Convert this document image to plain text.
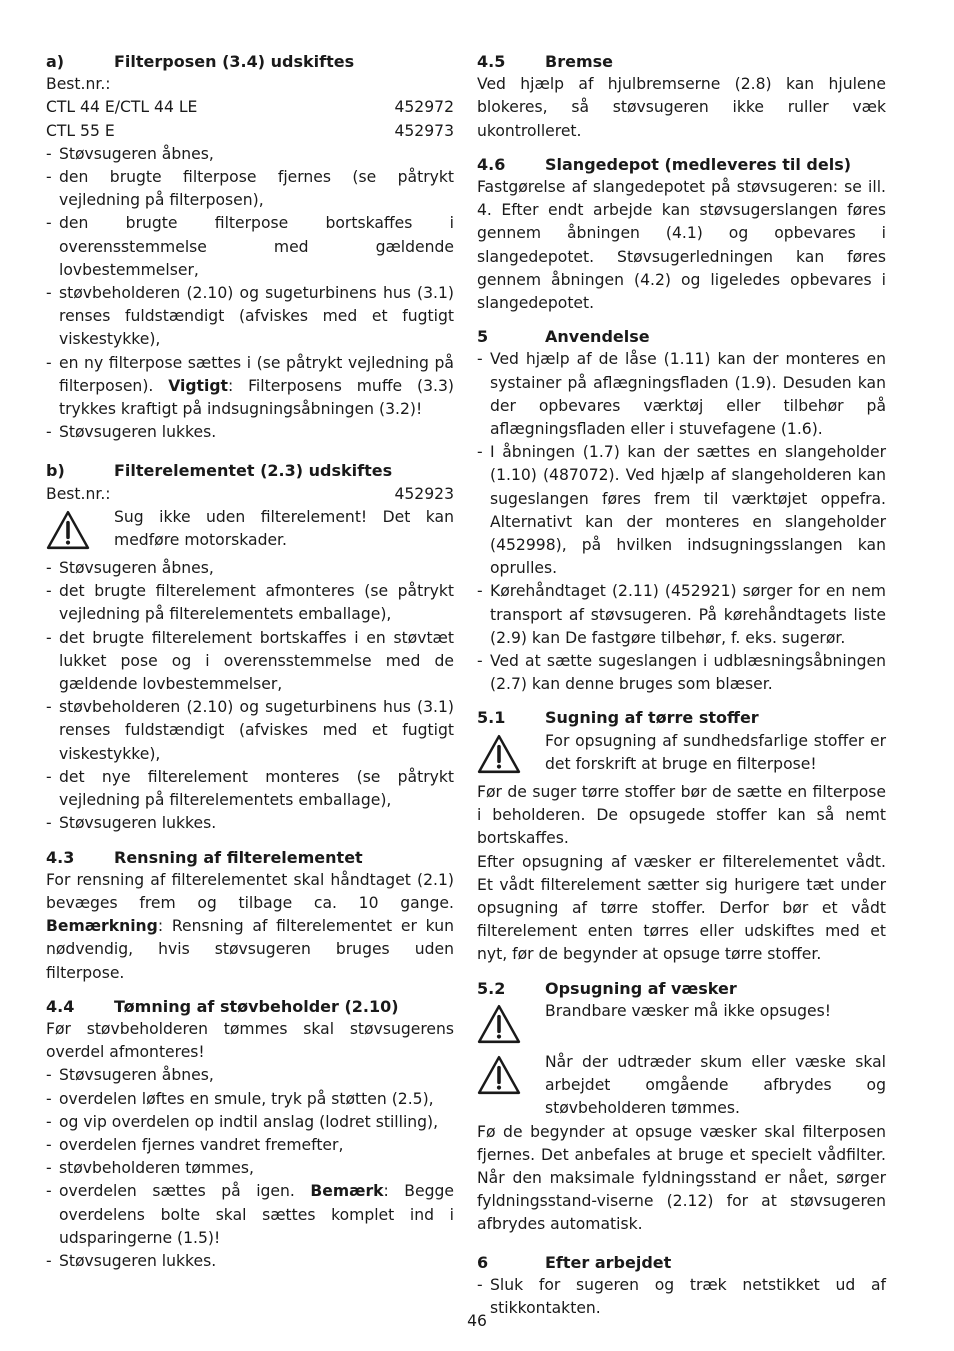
a)	Filterposen (3.4) udskiftes
Best.nr.:
CTL 44 E/CTL 44 LE	452972
CTL 55 E	452973
- Støvsugeren åbnes,
- den brugte filterpose fjernes (se påtrykt vejledning på filterposen),
- den brugte filterpose bortskaffes i overensstemmelse med gældende lovbestemmelser,
- støvbeholderen (2.10) og sugeturbinens hus (3.1) renses fuldstændigt (afviskes med et fugtigt viskestykke),
- en ny filterpose sættes i (se påtrykt vejledning på filterposen). Vigtigt: Filterposens muffe (3.3) trykkes kraftigt på indsugningsåbningen (3.2)!
- Støvsugeren lukkes.
b)	Filterelementet (2.3) udskiftes
Best.nr.:	452923
Sug ikke uden filterelement! Det kan medføre motorskader.
- Støvsugeren åbnes,
- det brugte filterelement afmonteres (se påtrykt vejledning på filterelementets emballage),
- det brugte filterelement bortskaffes i en støvtæt lukket pose og i overensstemmelse med de gældende lovbestemmelser,
- støvbeholderen (2.10) og sugeturbinens hus (3.1) renses fuldstændigt (afviskes med et fugtigt viskestykke),
- det nye filterelement monteres (se påtrykt vejledning på filterelementets emballage),
- Støvsugeren lukkes.
4.3	Rensning af filterelementet
For rensning af filterelementet skal håndtaget (2.1) bevæges frem og tilbage ca. 10 gange. Bemærkning: Rensning af filterelementet er kun nødvendig, hvis støvsugeren bruges uden filterpose.
4.4	Tømning af støvbeholder (2.10)
Før støvbeholderen tømmes skal støvsugerens overdel afmonteres!
- Støvsugeren åbnes,
- overdelen løftes en smule, tryk på støtten (2.5),
- og vip overdelen op indtil anslag (lodret stilling),
- overdelen fjernes vandret fremefter,
- støvbeholderen tømmes,
- overdelen sættes på igen. Bemærk: Begge overdelens bolte skal sættes komplet ind i udsparingerne (1.5)!
- Støvsugeren lukkes.
4.5	Bremse
Ved hjælp af hjulbremserne (2.8) kan hjulene blokeres, så støvsugeren ikke ruller væk ukontrolleret.
4.6	Slangedepot (medleveres til dels)
Fastgørelse af slangedepotet på støvsugeren: se ill. 4. Efter endt arbejde kan støvsugerslangen føres gennem åbningen (4.1) og opbevares i slangedepotet. Støvsugerledningen kan føres gennem åbningen (4.2) og ligeledes opbevares i slangedepotet.
5	Anvendelse
- Ved hjælp af de låse (1.11) kan der monteres en systainer på aflægningsfladen (1.9). Desuden kan der opbevares værktøj eller tilbehør på aflægningsfladen eller i stuvefagene (1.6).
- I åbningen (1.7) kan der sættes en slangeholder (1.10) (487072). Ved hjælp af slangeholderen kan sugeslangen føres frem til værktøjet oppefra. Alternativt kan der monteres en slangeholder (452998), på hvilken indsugningsslangen kan oprulles.
- Kørehåndtaget (2.11) (452921) sørger for en nem transport af støvsugeren. På kørehåndtagets liste (2.9) kan De fastgøre tilbehør, f. eks. sugerør.
- Ved at sætte sugeslangen i udblæsningsåbningen (2.7) kan denne bruges som blæser.
5.1	Sugning af tørre stoffer
For opsugning af sundhedsfarlige stoffer er det forskrift at bruge en filterpose!
Før de suger tørre stoffer bør de sætte en filterpose i beholderen. De opsugede stoffer kan så nemt bortskaffes.
Efter opsugning af væsker er filterelementet vådt. Et vådt filterelement sætter sig hurigere tæt under opsugning af tørre stoffer. Derfor bør et vådt filterelement enten tørres eller udskiftes med et nyt, før de begynder at opsuge tørre stoffer.
5.2	Opsugning af væsker
Brandbare væsker må ikke opsuges!
Når der udtræder skum eller væske skal arbejdet omgående afbrydes og støvbeholderen tømmes.
Fø de begynder at opsuge væsker skal filterposen fjernes. Det anbefales at bruge et specielt vådfilter. Når den maksimale fyldningsstand er nået, sørger fyldningsstand-viserne (2.12) for at støvsugeren afbrydes automatisk.
6	Efter arbejdet
- Sluk for sugeren og træk netstikket ud af stikkontakten.
46
